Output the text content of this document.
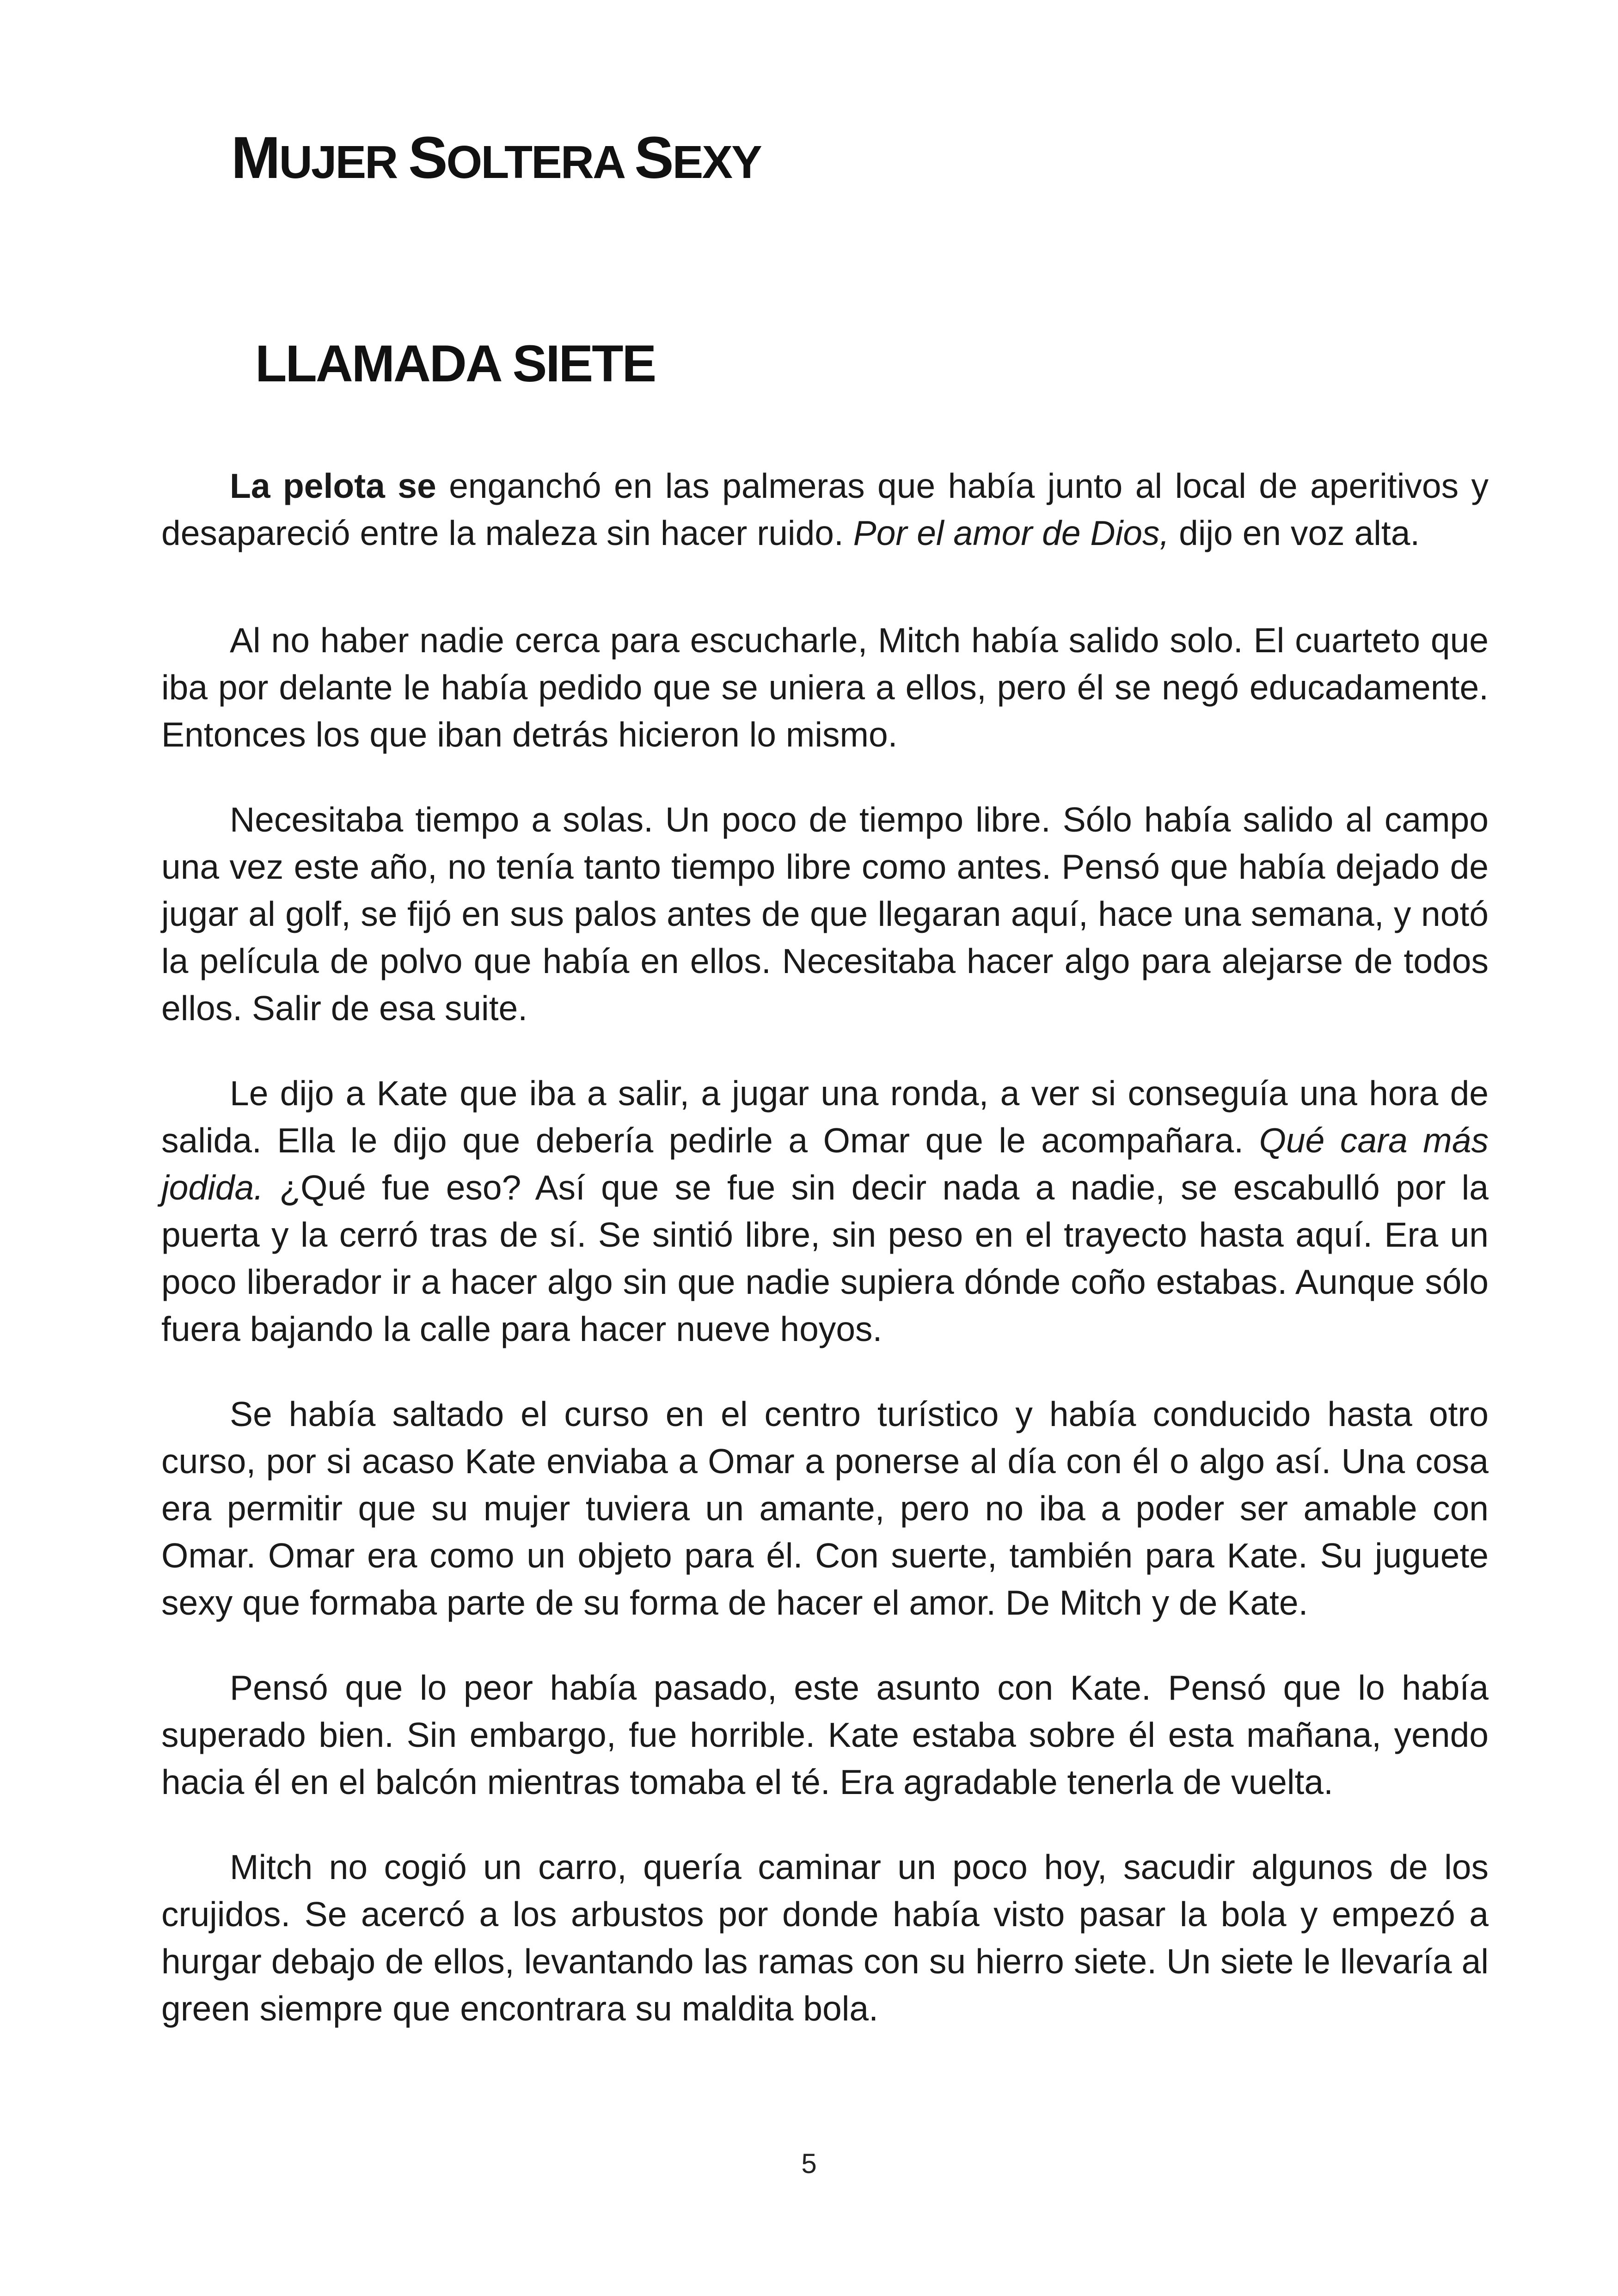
MUJER SOLTERA SEXY
LLAMADA SIETE

La pelota se enganchó en las palmeras que había junto al local de aperitivos y desapareció entre la maleza sin hacer ruido. Por el amor de Dios, dijo en voz alta.

Al no haber nadie cerca para escucharle, Mitch había salido solo. El cuarteto que iba por delante le había pedido que se uniera a ellos, pero él se negó educadamente. Entonces los que iban detrás hicieron lo mismo.

Necesitaba tiempo a solas. Un poco de tiempo libre. Sólo había salido al campo una vez este año, no tenía tanto tiempo libre como antes. Pensó que había dejado de jugar al golf, se fijó en sus palos antes de que llegaran aquí, hace una semana, y notó la película de polvo que había en ellos. Necesitaba hacer algo para alejarse de todos ellos. Salir de esa suite.

Le dijo a Kate que iba a salir, a jugar una ronda, a ver si conseguía una hora de salida. Ella le dijo que debería pedirle a Omar que le acompañara. Qué cara más jodida. ¿Qué fue eso? Así que se fue sin decir nada a nadie, se escabulló por la puerta y la cerró tras de sí. Se sintió libre, sin peso en el trayecto hasta aquí. Era un poco liberador ir a hacer algo sin que nadie supiera dónde coño estabas. Aunque sólo fuera bajando la calle para hacer nueve hoyos.

Se había saltado el curso en el centro turístico y había conducido hasta otro curso, por si acaso Kate enviaba a Omar a ponerse al día con él o algo así. Una cosa era permitir que su mujer tuviera un amante, pero no iba a poder ser amable con Omar. Omar era como un objeto para él. Con suerte, también para Kate. Su juguete sexy que formaba parte de su forma de hacer el amor. De Mitch y de Kate.

Pensó que lo peor había pasado, este asunto con Kate. Pensó que lo había superado bien. Sin embargo, fue horrible. Kate estaba sobre él esta mañana, yendo hacia él en el balcón mientras tomaba el té. Era agradable tenerla de vuelta.

Mitch no cogió un carro, quería caminar un poco hoy, sacudir algunos de los crujidos. Se acercó a los arbustos por donde había visto pasar la bola y empezó a hurgar debajo de ellos, levantando las ramas con su hierro siete. Un siete le llevaría al green siempre que encontrara su maldita bola.

5
